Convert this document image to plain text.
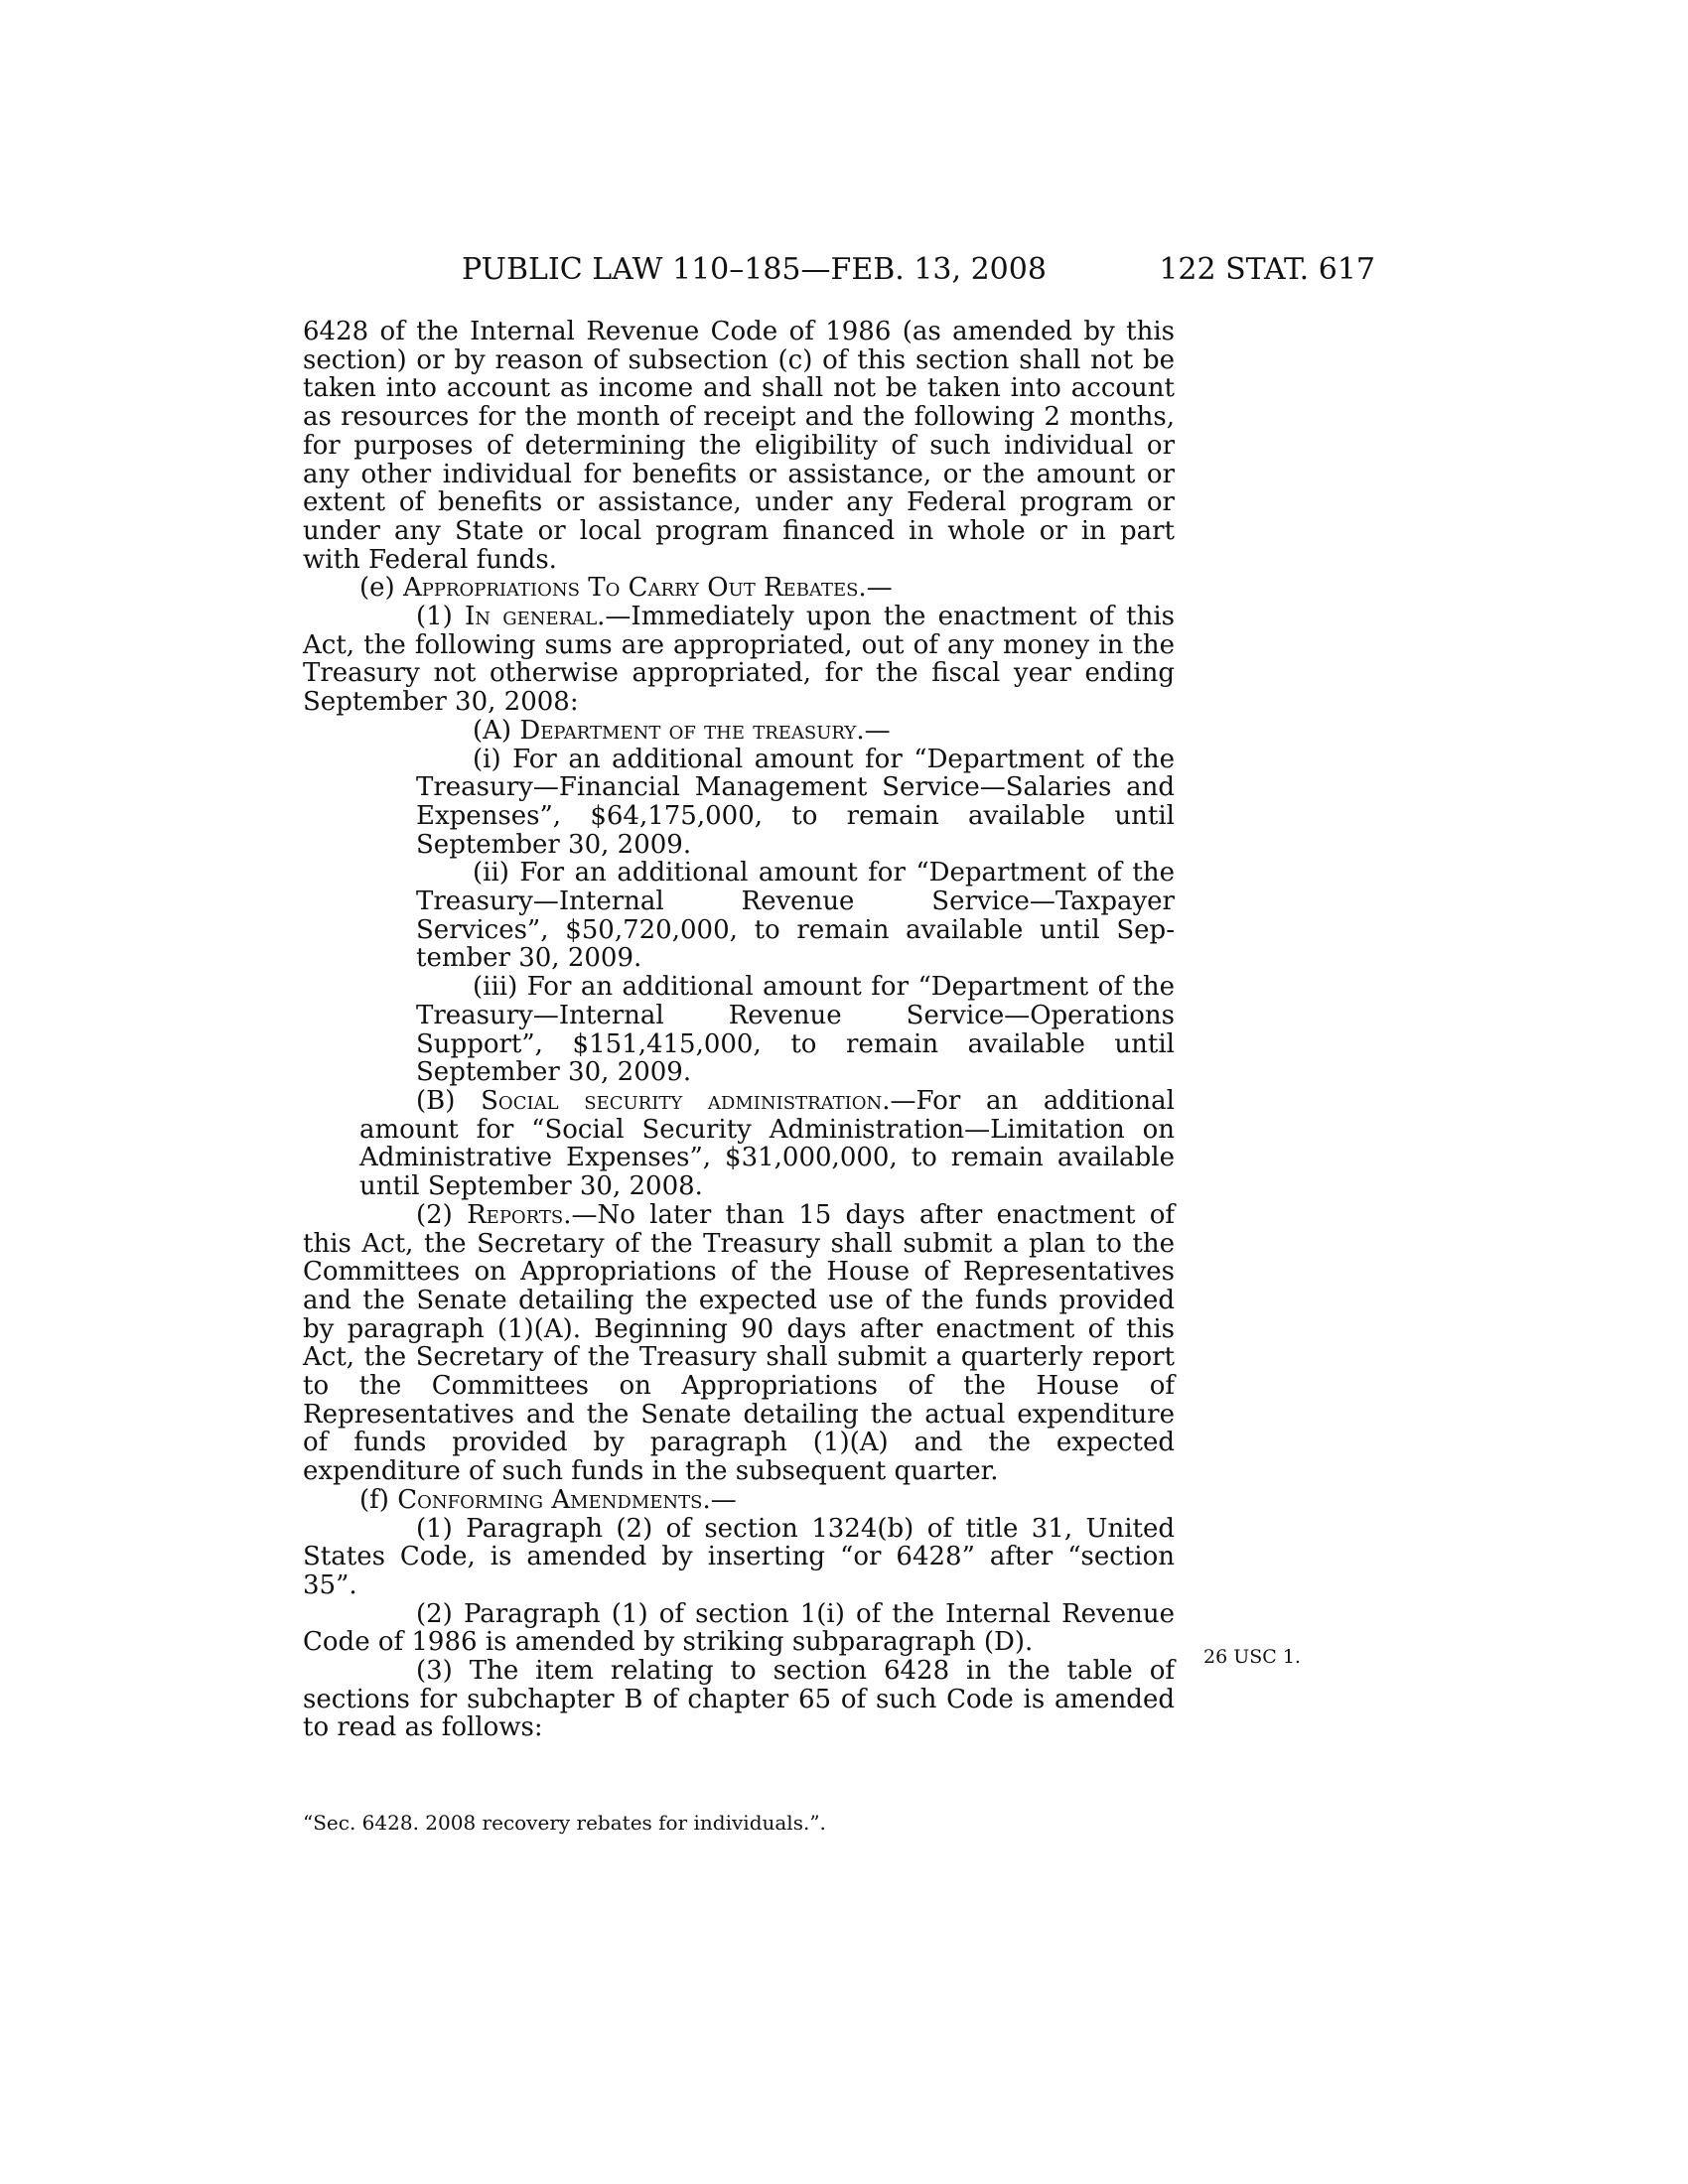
PUBLIC LAW 110–185—FEB. 13, 2008	122 STAT. 617

6428 of the Internal Revenue Code of 1986 (as amended by this section) or by reason of subsection (c) of this section shall not be taken into account as income and shall not be taken into account as resources for the month of receipt and the following 2 months, for purposes of determining the eligibility of such individual or any other individual for benefits or assistance, or the amount or extent of benefits or assistance, under any Federal program or under any State or local program financed in whole or in part with Federal funds.

(e) Appropriations To Carry Out Rebates.—

(1) In general.—Immediately upon the enactment of this Act, the following sums are appropriated, out of any money in the Treasury not otherwise appropriated, for the fiscal year ending September 30, 2008:

(A) Department of the treasury.—

(i) For an additional amount for “Department of the Treasury—Financial Management Service—Salaries and Expenses”, $64,175,000, to remain available until September 30, 2009.

(ii) For an additional amount for “Department of the Treasury—Internal Revenue Service—Taxpayer Services”, $50,720,000, to remain available until September 30, 2009.

(iii) For an additional amount for “Department of the Treasury—Internal Revenue Service—Operations Support”, $151,415,000, to remain available until September 30, 2009.

(B) Social security administration.—For an additional amount for “Social Security Administration—Limitation on Administrative Expenses”, $31,000,000, to remain available until September 30, 2008.

(2) Reports.—No later than 15 days after enactment of this Act, the Secretary of the Treasury shall submit a plan to the Committees on Appropriations of the House of Representatives and the Senate detailing the expected use of the funds provided by paragraph (1)(A). Beginning 90 days after enactment of this Act, the Secretary of the Treasury shall submit a quarterly report to the Committees on Appropriations of the House of Representatives and the Senate detailing the actual expenditure of funds provided by paragraph (1)(A) and the expected expenditure of such funds in the subsequent quarter.

(f) Conforming Amendments.—

(1) Paragraph (2) of section 1324(b) of title 31, United States Code, is amended by inserting “or 6428” after “section 35”.

(2) Paragraph (1) of section 1(i) of the Internal Revenue Code of 1986 is amended by striking subparagraph (D).

(3) The item relating to section 6428 in the table of sections for subchapter B of chapter 65 of such Code is amended to read as follows:

26 USC 1.
“Sec. 6428. 2008 recovery rebates for individuals.”.
